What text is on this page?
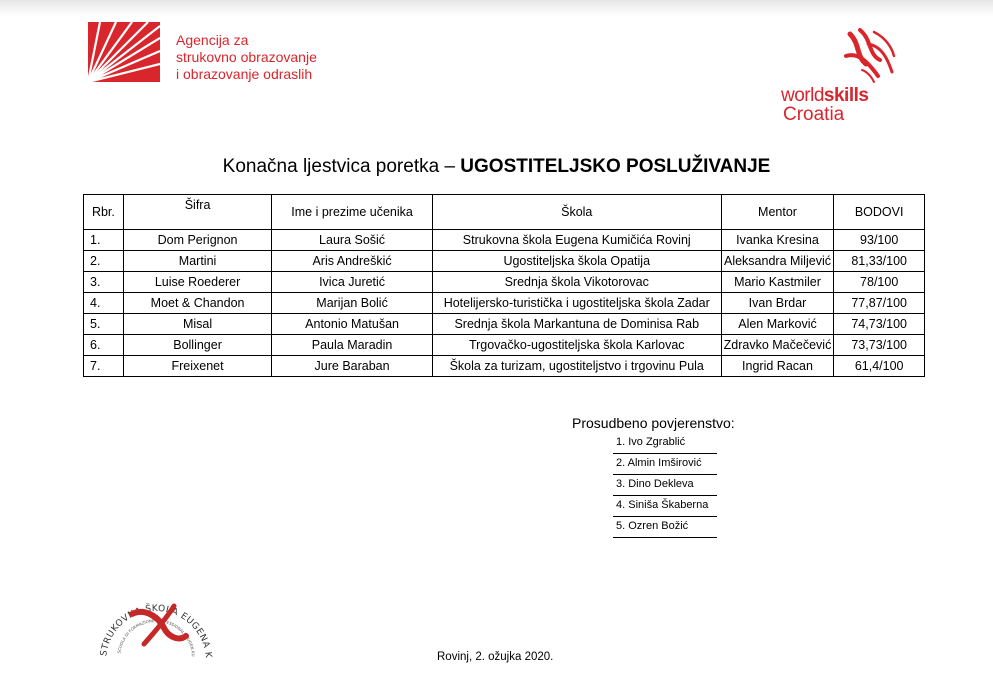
Agencija za
strukovno obrazovanje
i obrazovanje odraslih
worldskills
Croatia
Konačna ljestvica poretka – UGOSTITELJSKO POSLUŽIVANJE
Rbr.	Šifra	Ime i prezime učenika	Škola	Mentor	BODOVI
1.	Dom Perignon	Laura Sošić	Strukovna škola Eugena Kumičića Rovinj	Ivanka Kresina	93/100
2.	Martini	Aris Andreškić	Ugostiteljska škola Opatija	Aleksandra Miljević	81,33/100
3.	Luise Roederer	Ivica Juretić	Srednja škola Vikotorovac	Mario Kastmiler	78/100
4.	Moet & Chandon	Marijan Bolić	Hotelijersko-turistička i ugostiteljska škola Zadar	Ivan Brdar	77,87/100
5.	Misal	Antonio Matušan	Srednja škola Markantuna de Dominisa Rab	Alen Marković	74,73/100
6.	Bollinger	Paula Maradin	Trgovačko-ugostiteljska škola Karlovac	Zdravko Mačečević	73,73/100
7.	Freixenet	Jure Baraban	Škola za turizam, ugostiteljstvo i trgovinu Pula	Ingrid Racan	61,4/100
Prosudbeno povjerenstvo:
1. Ivo Zgrablić
2. Almin Imširović
3. Dino Dekleva
4. Siniša Škaberna
5. Ozren Božić
STRUKOVNA ŠKOLA EUGENA K
SCUOLA DI FORMAZIONE PROFESSIONALE EUGEN KU	Rovinj, 2. ožujka 2020.
